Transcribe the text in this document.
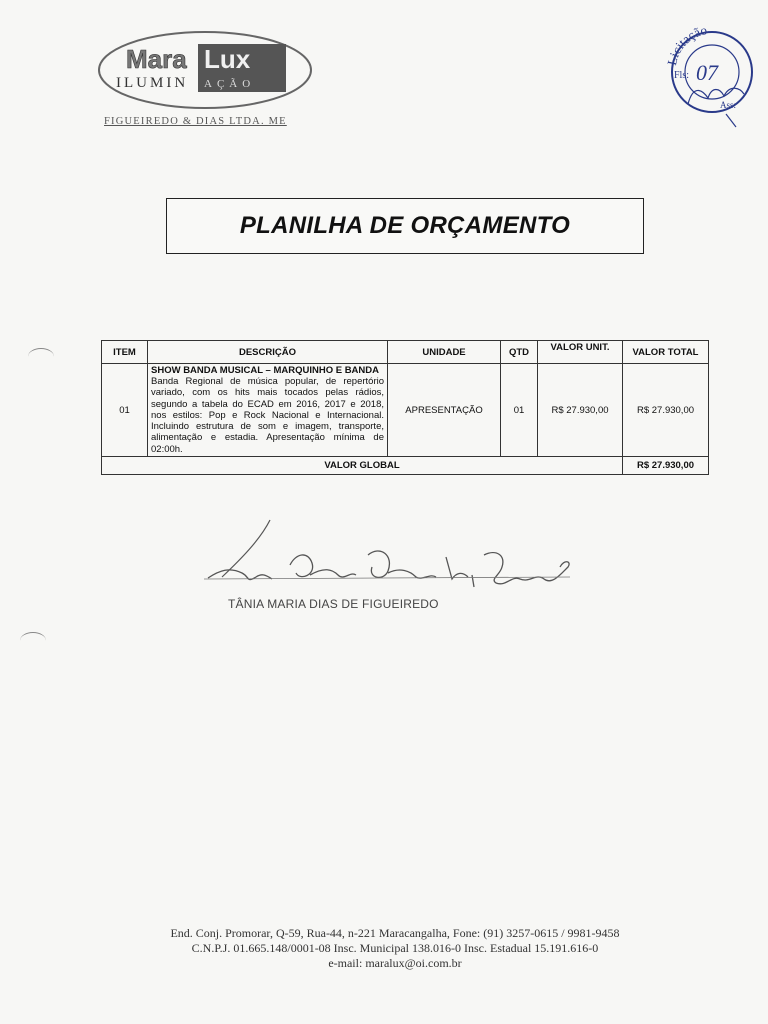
Mara Lux
ILUMIN AÇÃO
FIGUEIREDO & DIAS LTDA. ME
Licitação
Fls: 07
Ass:
PLANILHA DE ORÇAMENTO
ITEM	DESCRIÇÃO	UNIDADE	QTD	VALOR UNIT.	VALOR TOTAL
01	SHOW BANDA MUSICAL – MARQUINHO E BANDA
Banda Regional de música popular, de repertório variado, com os hits mais tocados pelas rádios, segundo a tabela do ECAD em 2016, 2017 e 2018, nos estilos: Pop e Rock Nacional e Internacional. Incluindo estrutura de som e imagem, transporte, alimentação e estadia. Apresentação mínima de 02:00h.	APRESENTAÇÃO	01	R$ 27.930,00	R$ 27.930,00
VALOR GLOBAL					R$ 27.930,00
TÂNIA MARIA DIAS DE FIGUEIREDO
End. Conj. Promorar, Q-59, Rua-44, n-221 Maracangalha, Fone: (91) 3257-0615 / 9981-9458
C.N.P.J. 01.665.148/0001-08 Insc. Municipal 138.016-0 Insc. Estadual 15.191.616-0
e-mail: maralux@oi.com.br
